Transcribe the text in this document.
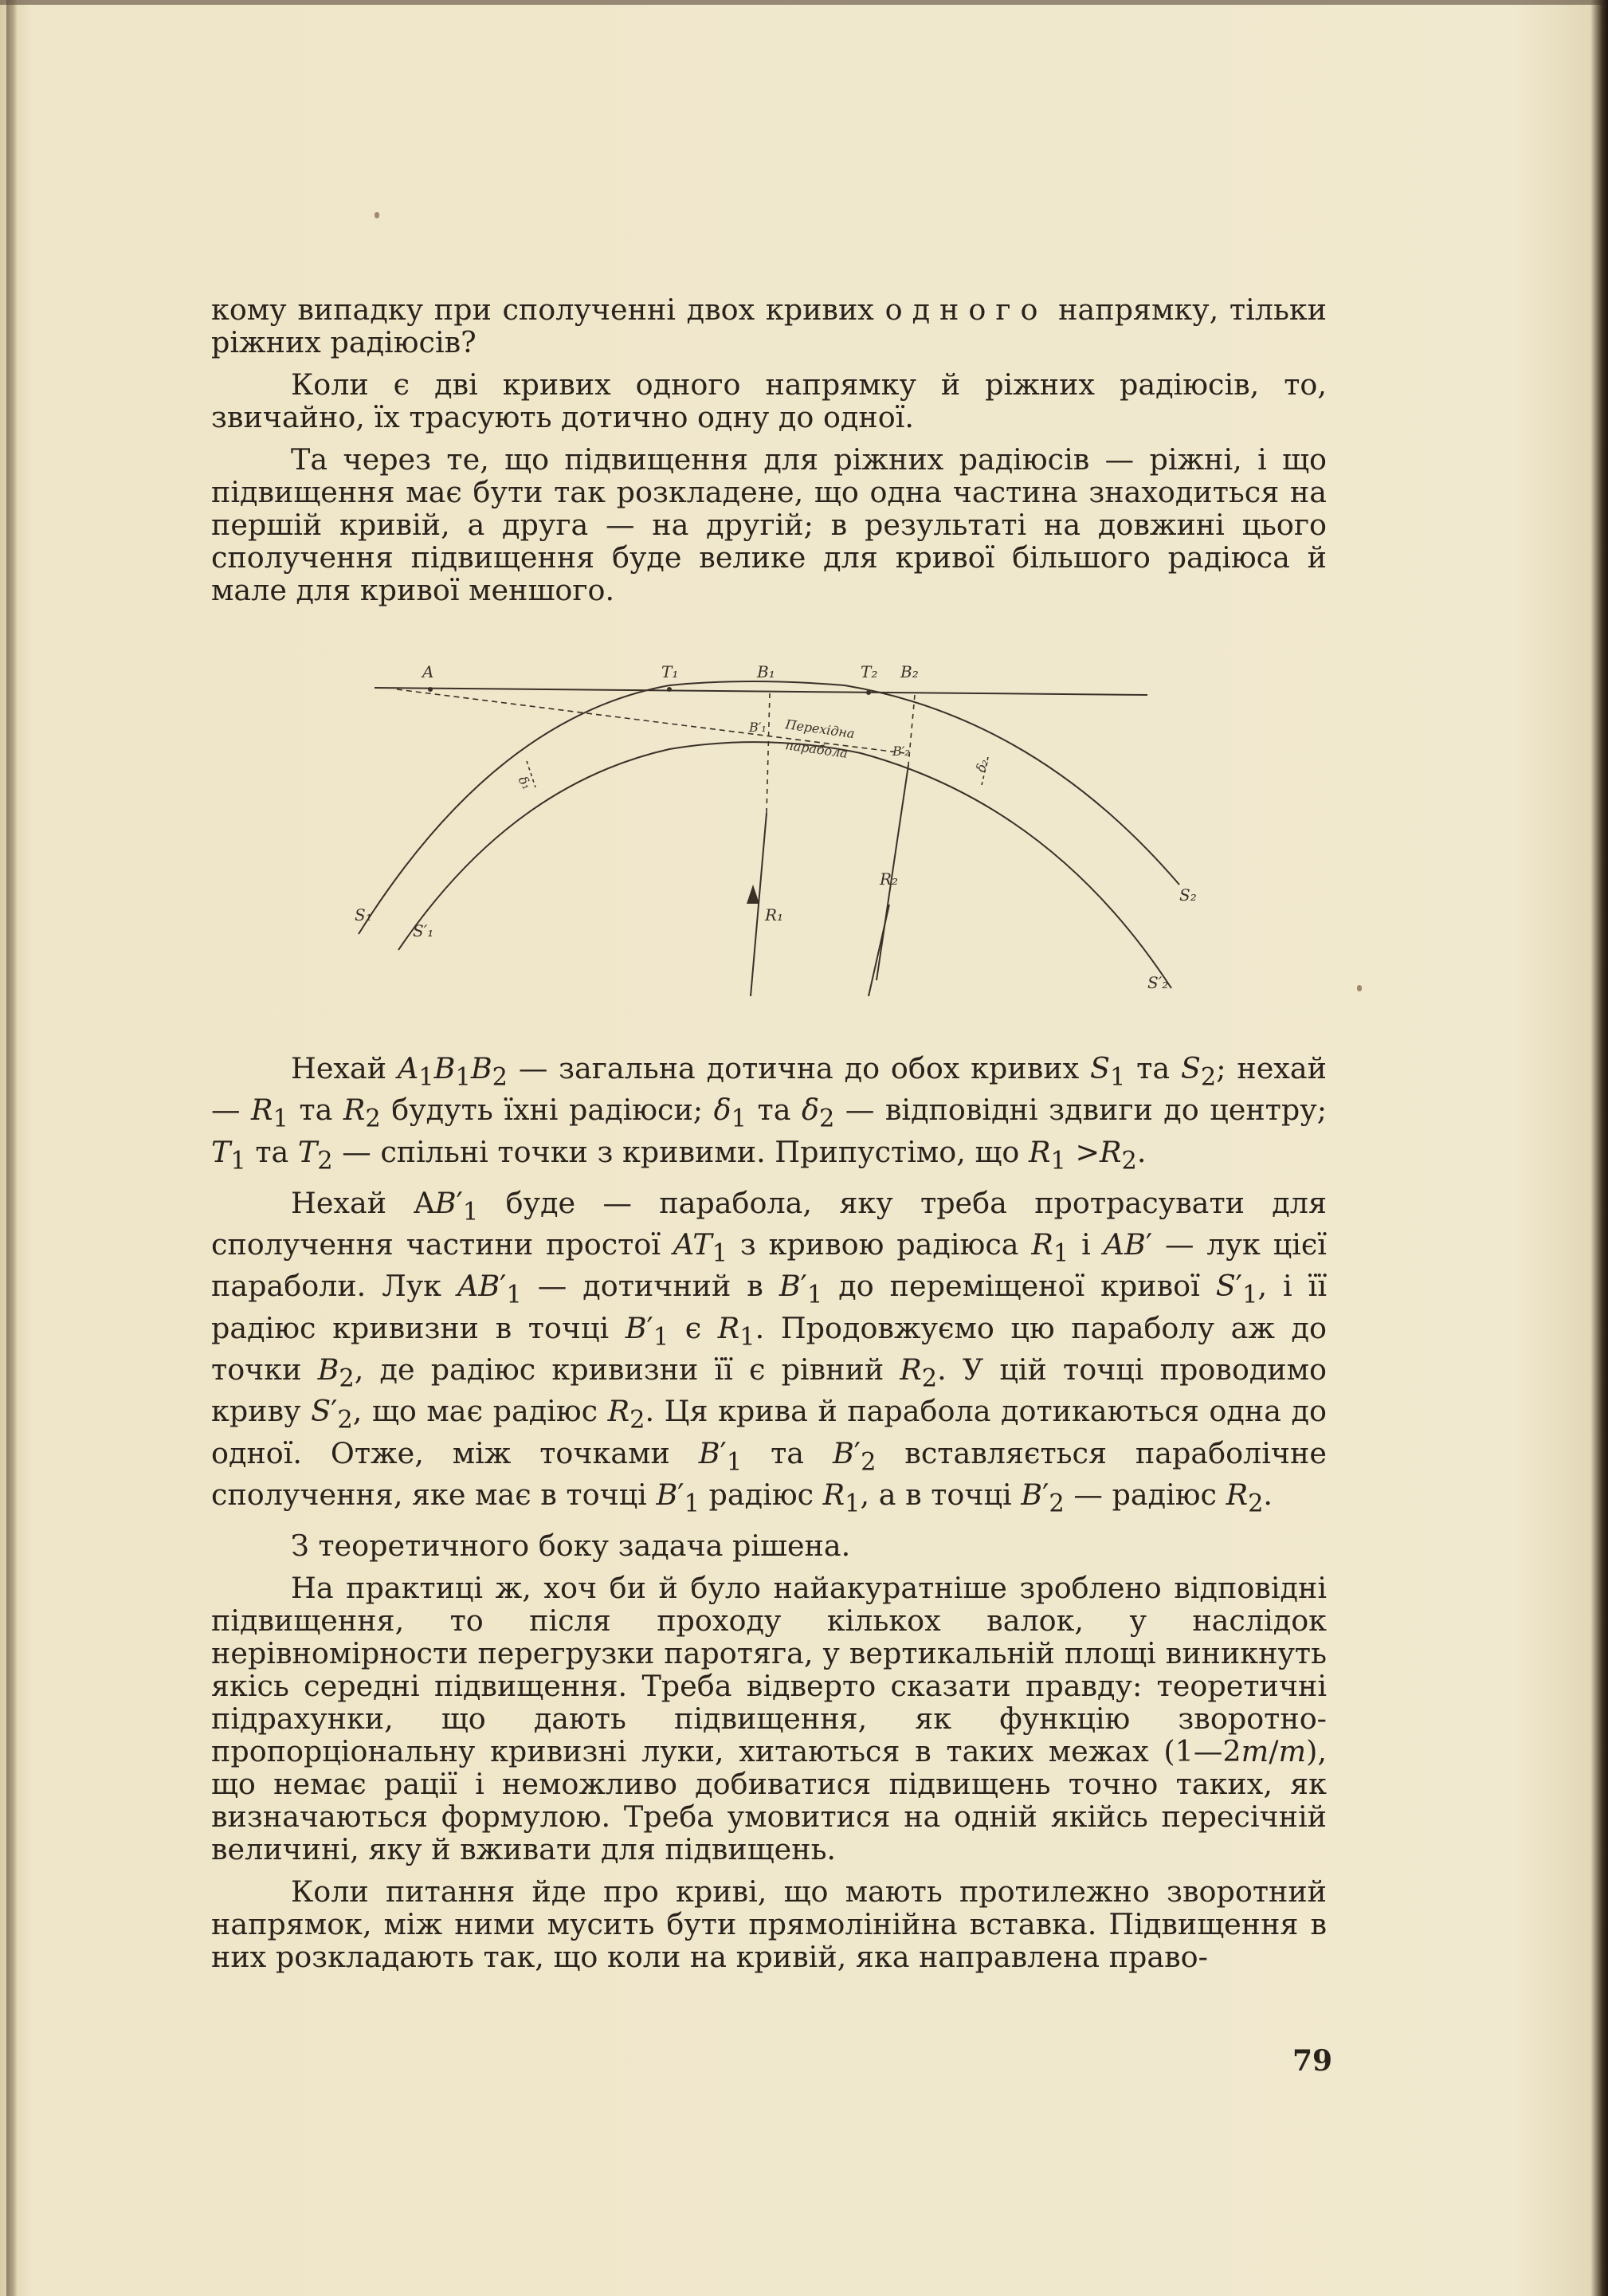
кому випадку при сполученні двох кривих одного напрямку, тільки ріжних радіюсів?

Коли є дві кривих одного напрямку й ріжних радіюсів, то, звичайно, їх трасують дотично одну до одної.

Та через те, що підвищення для ріжних радіюсів — ріжні, і що підвищення має бути так розкладене, що одна частина знаходиться на першій кривій, а друга — на другій; в результаті на довжині цього сполучення підвищення буде велике для кривої більшого радіюса й мале для кривої меншого.

A	T₁	B₁	T₂ B₂
B′₁
B′₂
Перехідна
парабола
δ₁
δ₂
R₁
R₂
S₁
S′₁
S₂
S′₂

Нехай $A_1B_1B_2$ — загальна дотична до обох кривих $S_1$ та $S_2$; нехай — $R_1$ та $R_2$ будуть їхні радіюси; $\delta_1$ та $\delta_2$ — відповідні здвиги до центру; $T_1$ та $T_2$ — спільні точки з кривими. Припустімо, що $R_1 >R_2$.

Нехай $AB'_1$ буде — парабола, яку треба протрасувати для сполучення частини простої $AT_1$ з кривою радіюса $R_1$ і AB′ — лук цієї параболи. Лук $AB'_1$ — дотичний в $B'_1$ до переміщеної кривої $S'_1$, і її радіюс кривизни в точці $B'_1$ є $R_1$. Продовжуємо цю параболу аж до точки $B_2$, де радіюс кривизни її є рівний $R_2$. У цій точці проводимо криву $S'_2$, що має радіюс $R_2$. Ця крива й парабола дотикаються одна до одної. Отже, між точками $B'_1$ та $B'_2$ вставляється параболічне сполучення, яке має в точці $B'_1$ радіюс $R_1$, а в точці $B'_2$ — радіюс $R_2$.

З теоретичного боку задача рішена.

На практиці ж, хоч би й було найакуратніше зроблено відповідні підвищення, то після проходу кількох валок, у наслідок нерівномірности перегрузки паротяга, у вертикальній площі виникнуть якісь середні підвищення. Треба відверто сказати правду: теоретичні підрахунки, що дають підвищення, як функцію зворотно-пропорціональну кривизні луки, хитаються в таких межах (1—2m/m), що немає рації і неможливо добиватися підвищень точно таких, як визначаються формулою. Треба умовитися на одній якійсь пересічній величині, яку й вживати для підвищень.

Коли питання йде про криві, що мають протилежно зворотний напрямок, між ними мусить бути прямолінійна вставка. Підвищення в них розкладають так, що коли на кривій, яка направлена право-

79
